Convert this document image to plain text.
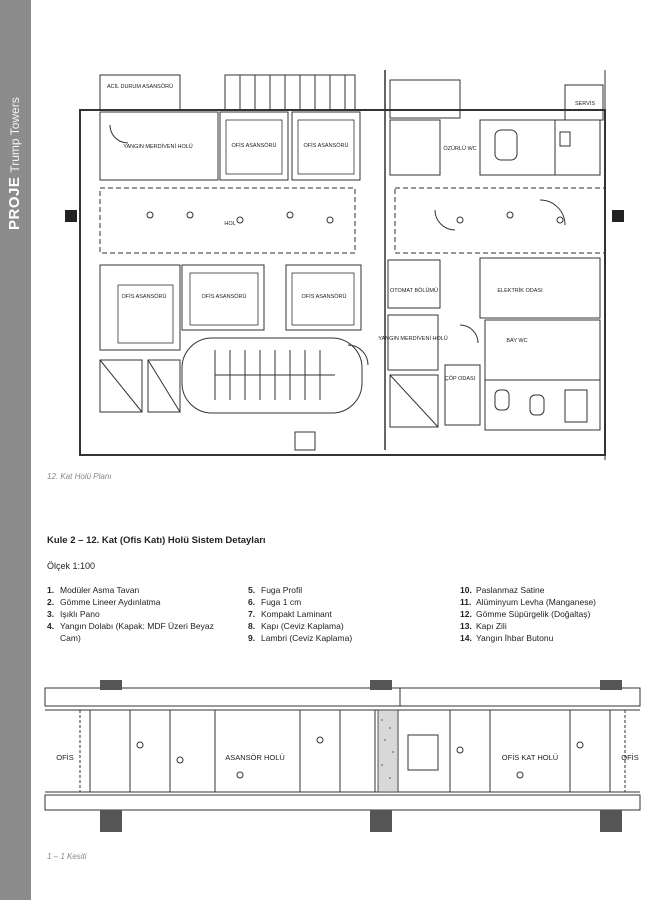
PROJETrump Towers
ACİL DURUM ASANSÖRÜ
YANGIN MERDİVENİ HOLÜ	OFİS ASANSÖRÜ	OFİS ASANSÖRÜ	ÖZÜRLÜ WC
SERVİS
HOL
OFİS ASANSÖRÜ	OFİS ASANSÖRÜ	OFİS ASANSÖRÜ
OTOMAT BÖLÜMÜ	ELEKTRİK ODASI
YANGIN MERDİVENİ HOLÜ	BAY WC
ÇÖP ODASI
12. Kat Holü Planı
Kule 2 – 12. Kat (Ofis Katı) Holü Sistem Detayları
Ölçek 1:100
1. Modüler Asma Tavan
2. Gömme Lineer Aydınlatma
3. Işıklı Pano
4. Yangın Dolabı (Kapak: MDF Üzeri Beyaz Cam)
5. Fuga Profil
6. Fuga 1 cm
7. Kompakt Laminant
8. Kapı (Ceviz Kaplama)
9. Lambri (Ceviz Kaplama)
10. Paslanmaz Satine
11. Alüminyum Levha (Manganese)
12. Gömme Süpürgelik (Doğaltaş)
13. Kapı Zili
14. Yangın İhbar Butonu
OFİS	ASANSÖR HOLÜ	OFİS KAT HOLÜ	OFİS
1 – 1 Kesiti
